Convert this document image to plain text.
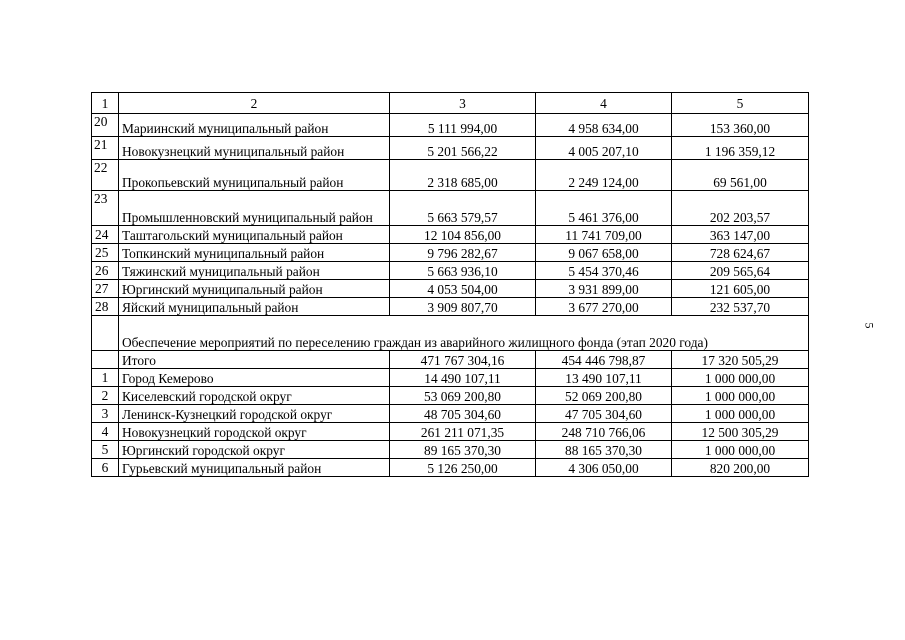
5
1	2	3	4	5
20	Мариинский муниципальный район	5 111 994,00	4 958 634,00	153 360,00
21	Новокузнецкий муниципальный район	5 201 566,22	4 005 207,10	1 196 359,12
22	Прокопьевский муниципальный район	2 318 685,00	2 249 124,00	69 561,00
23	Промышленновский муниципальный район	5 663 579,57	5 461 376,00	202 203,57
24	Таштагольский муниципальный район	12 104 856,00	11 741 709,00	363 147,00
25	Топкинский муниципальный район	9 796 282,67	9 067 658,00	728 624,67
26	Тяжинский муниципальный район	5 663 936,10	5 454 370,46	209 565,64
27	Юргинский муниципальный район	4 053 504,00	3 931 899,00	121 605,00
28	Яйский муниципальный район	3 909 807,70	3 677 270,00	232 537,70
	Обеспечение мероприятий по переселению граждан из аварийного жилищного фонда (этап 2020 года)			
	Итого	471 767 304,16	454 446 798,87	17 320 505,29
1	Город Кемерово	14 490 107,11	13 490 107,11	1 000 000,00
2	Киселевский городской округ	53 069 200,80	52 069 200,80	1 000 000,00
3	Ленинск-Кузнецкий городской округ	48 705 304,60	47 705 304,60	1 000 000,00
4	Новокузнецкий городской округ	261 211 071,35	248 710 766,06	12 500 305,29
5	Юргинский городской округ	89 165 370,30	88 165 370,30	1 000 000,00
6	Гурьевский муниципальный район	5 126 250,00	4 306 050,00	820 200,00
